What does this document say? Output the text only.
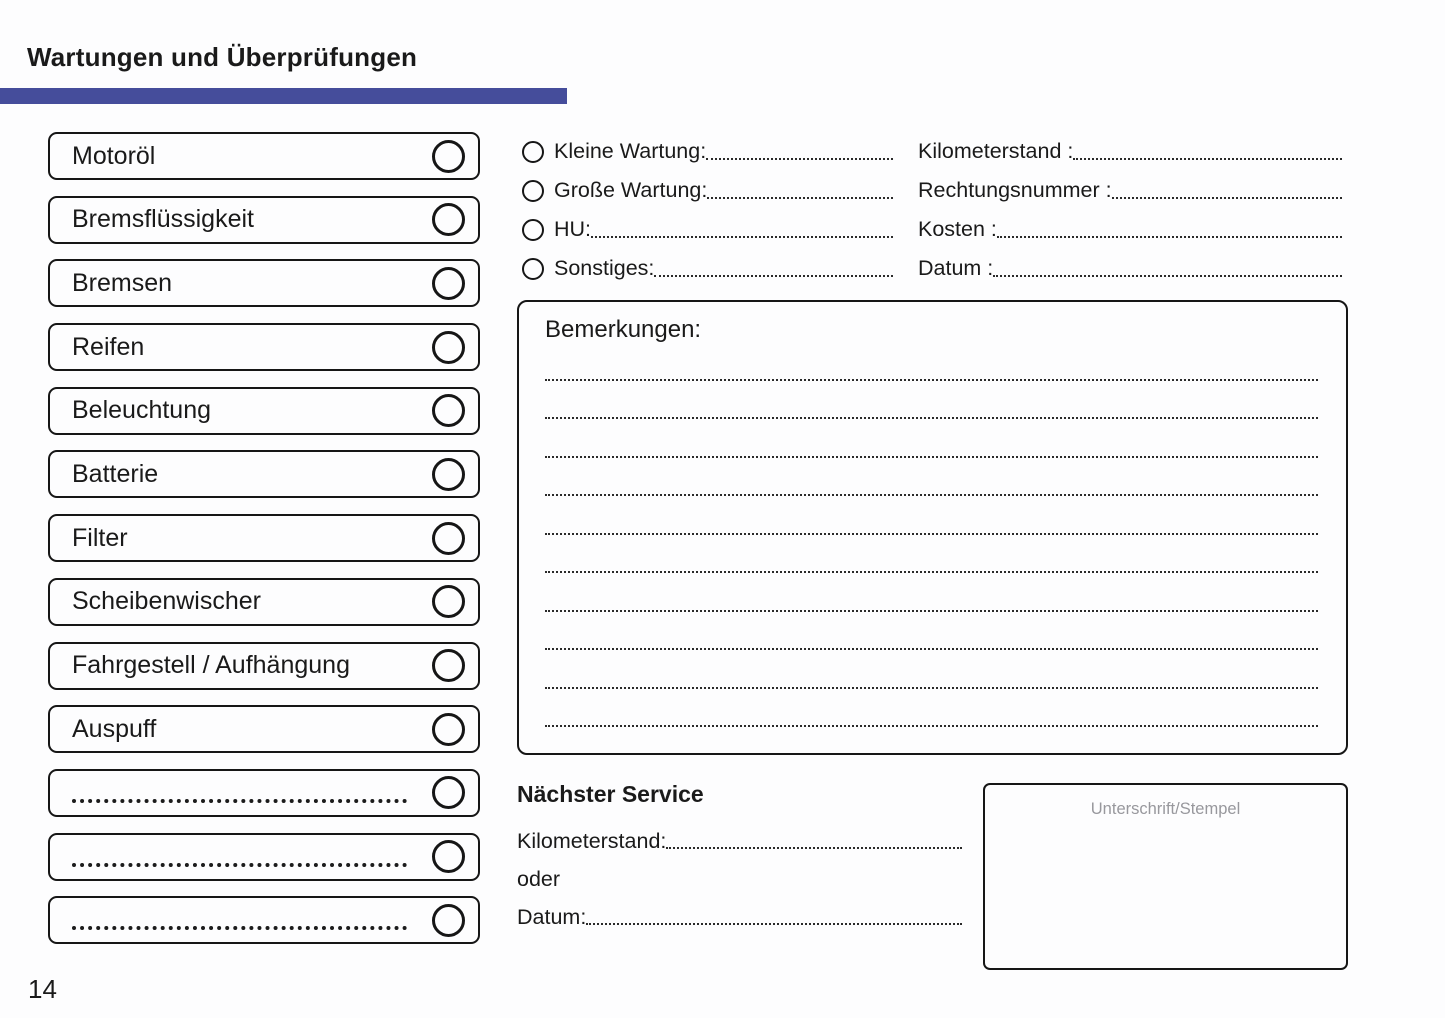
Wartungen und Überprüfungen
Motoröl
Bremsflüssigkeit
Bremsen
Reifen
Beleuchtung
Batterie
Filter
Scheibenwischer
Fahrgestell / Aufhängung
Auspuff
Kleine Wartung:
Große Wartung:
HU:
Sonstiges:
Kilometerstand :
Rechtungsnummer :
Kosten :
Datum :
Bemerkungen:
Nächster Service
Kilometerstand:
oder
Datum:
Unterschrift/Stempel
14
